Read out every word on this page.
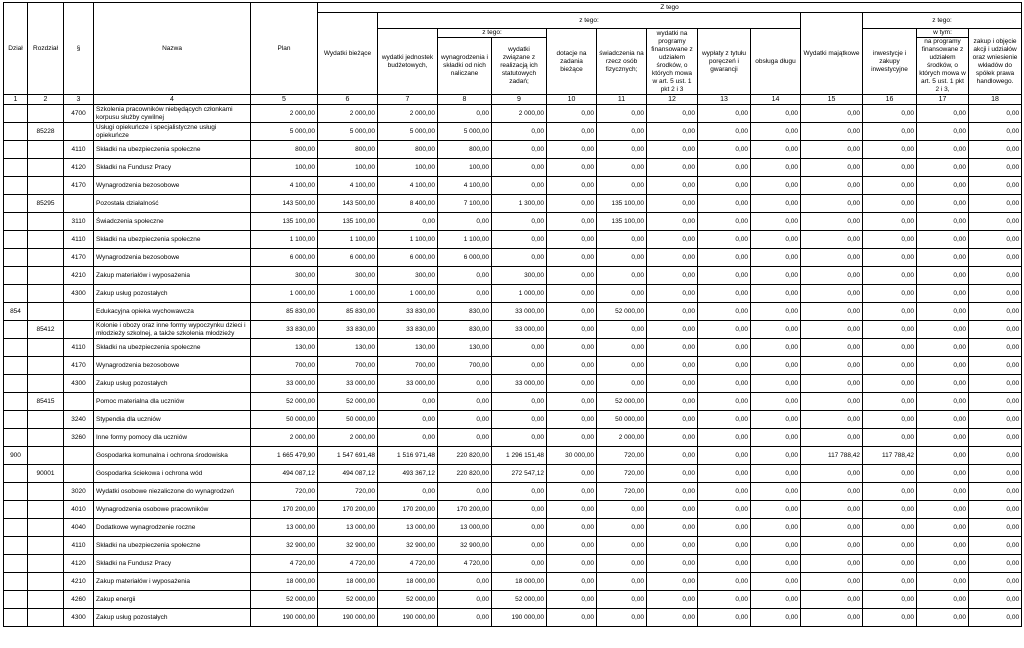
Dział	Rozdział	§	Nazwa	Plan	Z tego												
					Wydatki bieżące	z tego:								Wydatki majątkowe	z tego:		
						wydatki jednostek budżetowych,	z tego:		dotacje na zadania bieżące	świadczenia na rzecz osób fizycznych;	wydatki na programy finansowane z udziałem środków, o których mowa w art. 5 ust. 1 pkt 2 i 3	wypłaty z tytułu poręczeń i gwarancji	obsługa długu		inwestycje i zakupy inwestycyjne	w tym:	zakup i objęcie akcji i udziałów oraz wniesienie wkładów do spółek prawa handlowego.
							wynagrodzenia i składki od nich naliczane	wydatki związane z realizacją ich statutowych zadań;								na programy finansowane z udziałem środków, o których mowa w art. 5 ust. 1 pkt 2 i 3,	

1	2	3	4	5	6	7	8	9	10	11	12	13	14	15	16	17	18
		4700	Szkolenia pracowników niebędących członkami korpusu służby cywilnej	2 000,00	2 000,00	2 000,00	0,00	2 000,00	0,00	0,00	0,00	0,00	0,00	0,00	0,00	0,00	0,00
	85228		Usługi opiekuńcze i specjalistyczne usługi opiekuńcze	5 000,00	5 000,00	5 000,00	5 000,00	0,00	0,00	0,00	0,00	0,00	0,00	0,00	0,00	0,00	0,00
		4110	Składki na ubezpieczenia społeczne	800,00	800,00	800,00	800,00	0,00	0,00	0,00	0,00	0,00	0,00	0,00	0,00	0,00	0,00
		4120	Składki na Fundusz Pracy	100,00	100,00	100,00	100,00	0,00	0,00	0,00	0,00	0,00	0,00	0,00	0,00	0,00	0,00
		4170	Wynagrodzenia bezosobowe	4 100,00	4 100,00	4 100,00	4 100,00	0,00	0,00	0,00	0,00	0,00	0,00	0,00	0,00	0,00	0,00
	85295		Pozostała działalność	143 500,00	143 500,00	8 400,00	7 100,00	1 300,00	0,00	135 100,00	0,00	0,00	0,00	0,00	0,00	0,00	0,00
		3110	Świadczenia społeczne	135 100,00	135 100,00	0,00	0,00	0,00	0,00	135 100,00	0,00	0,00	0,00	0,00	0,00	0,00	0,00
		4110	Składki na ubezpieczenia społeczne	1 100,00	1 100,00	1 100,00	1 100,00	0,00	0,00	0,00	0,00	0,00	0,00	0,00	0,00	0,00	0,00
		4170	Wynagrodzenia bezosobowe	6 000,00	6 000,00	6 000,00	6 000,00	0,00	0,00	0,00	0,00	0,00	0,00	0,00	0,00	0,00	0,00
		4210	Zakup materiałów i wyposażenia	300,00	300,00	300,00	0,00	300,00	0,00	0,00	0,00	0,00	0,00	0,00	0,00	0,00	0,00
		4300	Zakup usług pozostałych	1 000,00	1 000,00	1 000,00	0,00	1 000,00	0,00	0,00	0,00	0,00	0,00	0,00	0,00	0,00	0,00
854			Edukacyjna opieka wychowawcza	85 830,00	85 830,00	33 830,00	830,00	33 000,00	0,00	52 000,00	0,00	0,00	0,00	0,00	0,00	0,00	0,00
	85412		Kolonie i obozy oraz inne formy wypoczynku dzieci i młodzieży szkolnej, a także szkolenia młodzieży	33 830,00	33 830,00	33 830,00	830,00	33 000,00	0,00	0,00	0,00	0,00	0,00	0,00	0,00	0,00	0,00
		4110	Składki na ubezpieczenia społeczne	130,00	130,00	130,00	130,00	0,00	0,00	0,00	0,00	0,00	0,00	0,00	0,00	0,00	0,00
		4170	Wynagrodzenia bezosobowe	700,00	700,00	700,00	700,00	0,00	0,00	0,00	0,00	0,00	0,00	0,00	0,00	0,00	0,00
		4300	Zakup usług pozostałych	33 000,00	33 000,00	33 000,00	0,00	33 000,00	0,00	0,00	0,00	0,00	0,00	0,00	0,00	0,00	0,00
	85415		Pomoc materialna dla uczniów	52 000,00	52 000,00	0,00	0,00	0,00	0,00	52 000,00	0,00	0,00	0,00	0,00	0,00	0,00	0,00
		3240	Stypendia dla uczniów	50 000,00	50 000,00	0,00	0,00	0,00	0,00	50 000,00	0,00	0,00	0,00	0,00	0,00	0,00	0,00
		3260	Inne formy pomocy dla uczniów	2 000,00	2 000,00	0,00	0,00	0,00	0,00	2 000,00	0,00	0,00	0,00	0,00	0,00	0,00	0,00
900			Gospodarka komunalna i ochrona środowiska	1 665 479,90	1 547 691,48	1 516 971,48	220 820,00	1 296 151,48	30 000,00	720,00	0,00	0,00	0,00	117 788,42	117 788,42	0,00	0,00
	90001		Gospodarka ściekowa i ochrona wód	494 087,12	494 087,12	493 367,12	220 820,00	272 547,12	0,00	720,00	0,00	0,00	0,00	0,00	0,00	0,00	0,00
		3020	Wydatki osobowe niezaliczone do wynagrodzeń	720,00	720,00	0,00	0,00	0,00	0,00	720,00	0,00	0,00	0,00	0,00	0,00	0,00	0,00
		4010	Wynagrodzenia osobowe pracowników	170 200,00	170 200,00	170 200,00	170 200,00	0,00	0,00	0,00	0,00	0,00	0,00	0,00	0,00	0,00	0,00
		4040	Dodatkowe wynagrodzenie roczne	13 000,00	13 000,00	13 000,00	13 000,00	0,00	0,00	0,00	0,00	0,00	0,00	0,00	0,00	0,00	0,00
		4110	Składki na ubezpieczenia społeczne	32 900,00	32 900,00	32 900,00	32 900,00	0,00	0,00	0,00	0,00	0,00	0,00	0,00	0,00	0,00	0,00
		4120	Składki na Fundusz Pracy	4 720,00	4 720,00	4 720,00	4 720,00	0,00	0,00	0,00	0,00	0,00	0,00	0,00	0,00	0,00	0,00
		4210	Zakup materiałów i wyposażenia	18 000,00	18 000,00	18 000,00	0,00	18 000,00	0,00	0,00	0,00	0,00	0,00	0,00	0,00	0,00	0,00
		4260	Zakup energii	52 000,00	52 000,00	52 000,00	0,00	52 000,00	0,00	0,00	0,00	0,00	0,00	0,00	0,00	0,00	0,00
		4300	Zakup usług pozostałych	190 000,00	190 000,00	190 000,00	0,00	190 000,00	0,00	0,00	0,00	0,00	0,00	0,00	0,00	0,00	0,00
